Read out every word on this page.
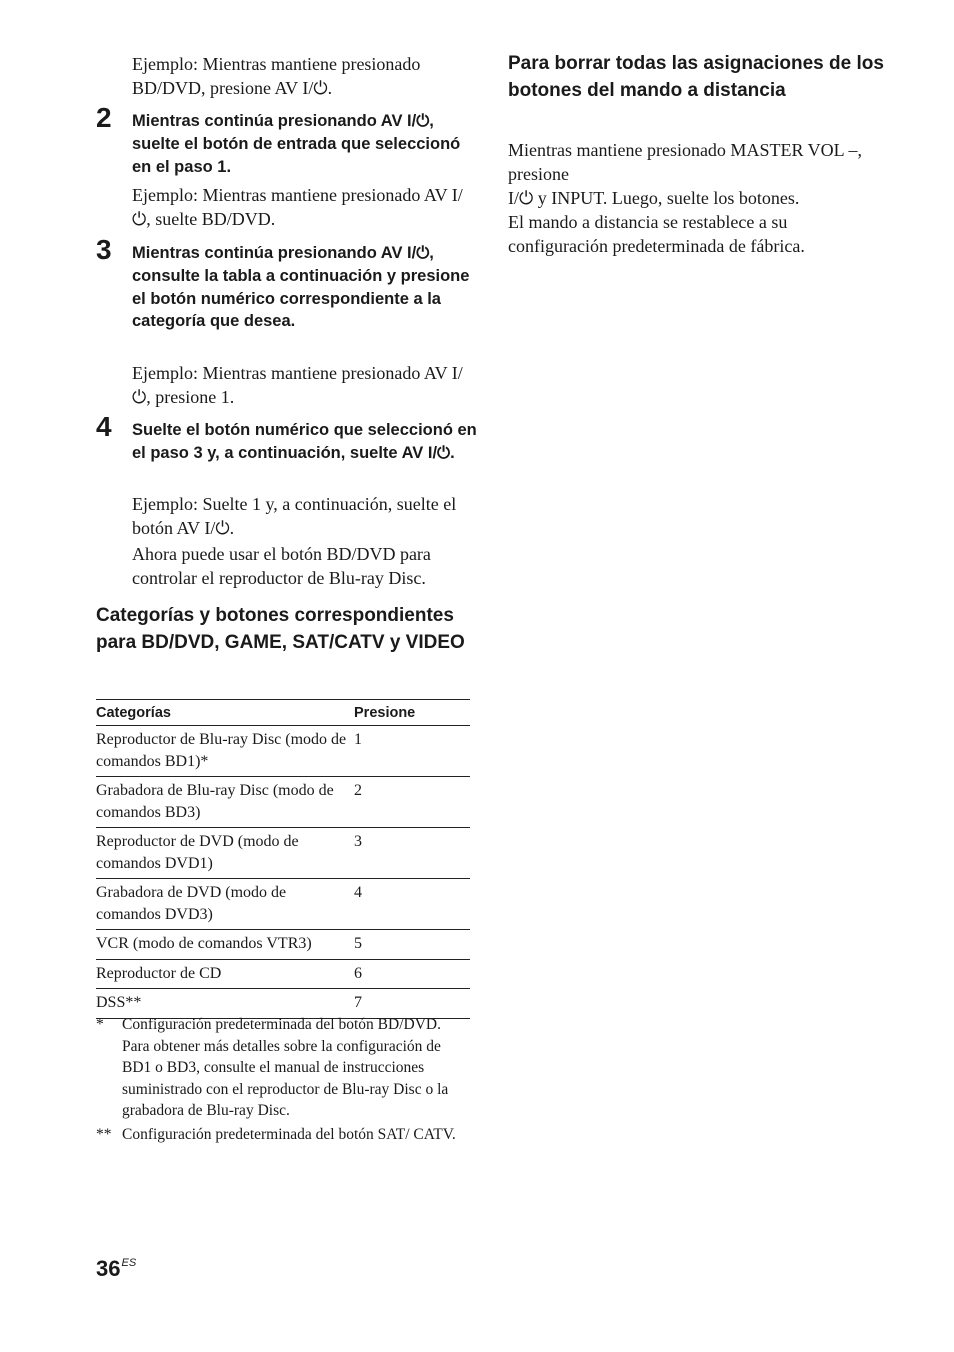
Ejemplo: Mientras mantiene presionado BD/DVD, presione AV I/⏻.

2 Mientras continúa presionando AV I/⏻, suelte el botón de entrada que seleccionó en el paso 1.

Ejemplo: Mientras mantiene presionado AV I/⏻, suelte BD/DVD.

3 Mientras continúa presionando AV I/⏻, consulte la tabla a continuación y presione el botón numérico correspondiente a la categoría que desea.

Ejemplo: Mientras mantiene presionado AV I/⏻, presione 1.

4 Suelte el botón numérico que seleccionó en el paso 3 y, a continuación, suelte AV I/⏻.

Ejemplo: Suelte 1 y, a continuación, suelte el botón AV I/⏻.

Ahora puede usar el botón BD/DVD para controlar el reproductor de Blu-ray Disc.

Categorías y botones correspondientes para BD/DVD, GAME, SAT/CATV y VIDEO
Categorías	Presione
Reproductor de Blu-ray Disc (modo de comandos BD1)*	1
Grabadora de Blu-ray Disc (modo de comandos BD3)	2
Reproductor de DVD (modo de comandos DVD1)	3
Grabadora de DVD (modo de comandos DVD3)	4
VCR (modo de comandos VTR3)	5
Reproductor de CD	6
DSS**	7
* Configuración predeterminada del botón BD/DVD. Para obtener más detalles sobre la configuración de BD1 o BD3, consulte el manual de instrucciones suministrado con el reproductor de Blu-ray Disc o la grabadora de Blu-ray Disc.
** Configuración predeterminada del botón SAT/ CATV.
Para borrar todas las asignaciones de los botones del mando a distancia

Mientras mantiene presionado MASTER VOL –, presione

I/⏻ y INPUT. Luego, suelte los botones.

El mando a distancia se restablece a su configuración predeterminada de fábrica.

$36^{ES}$
